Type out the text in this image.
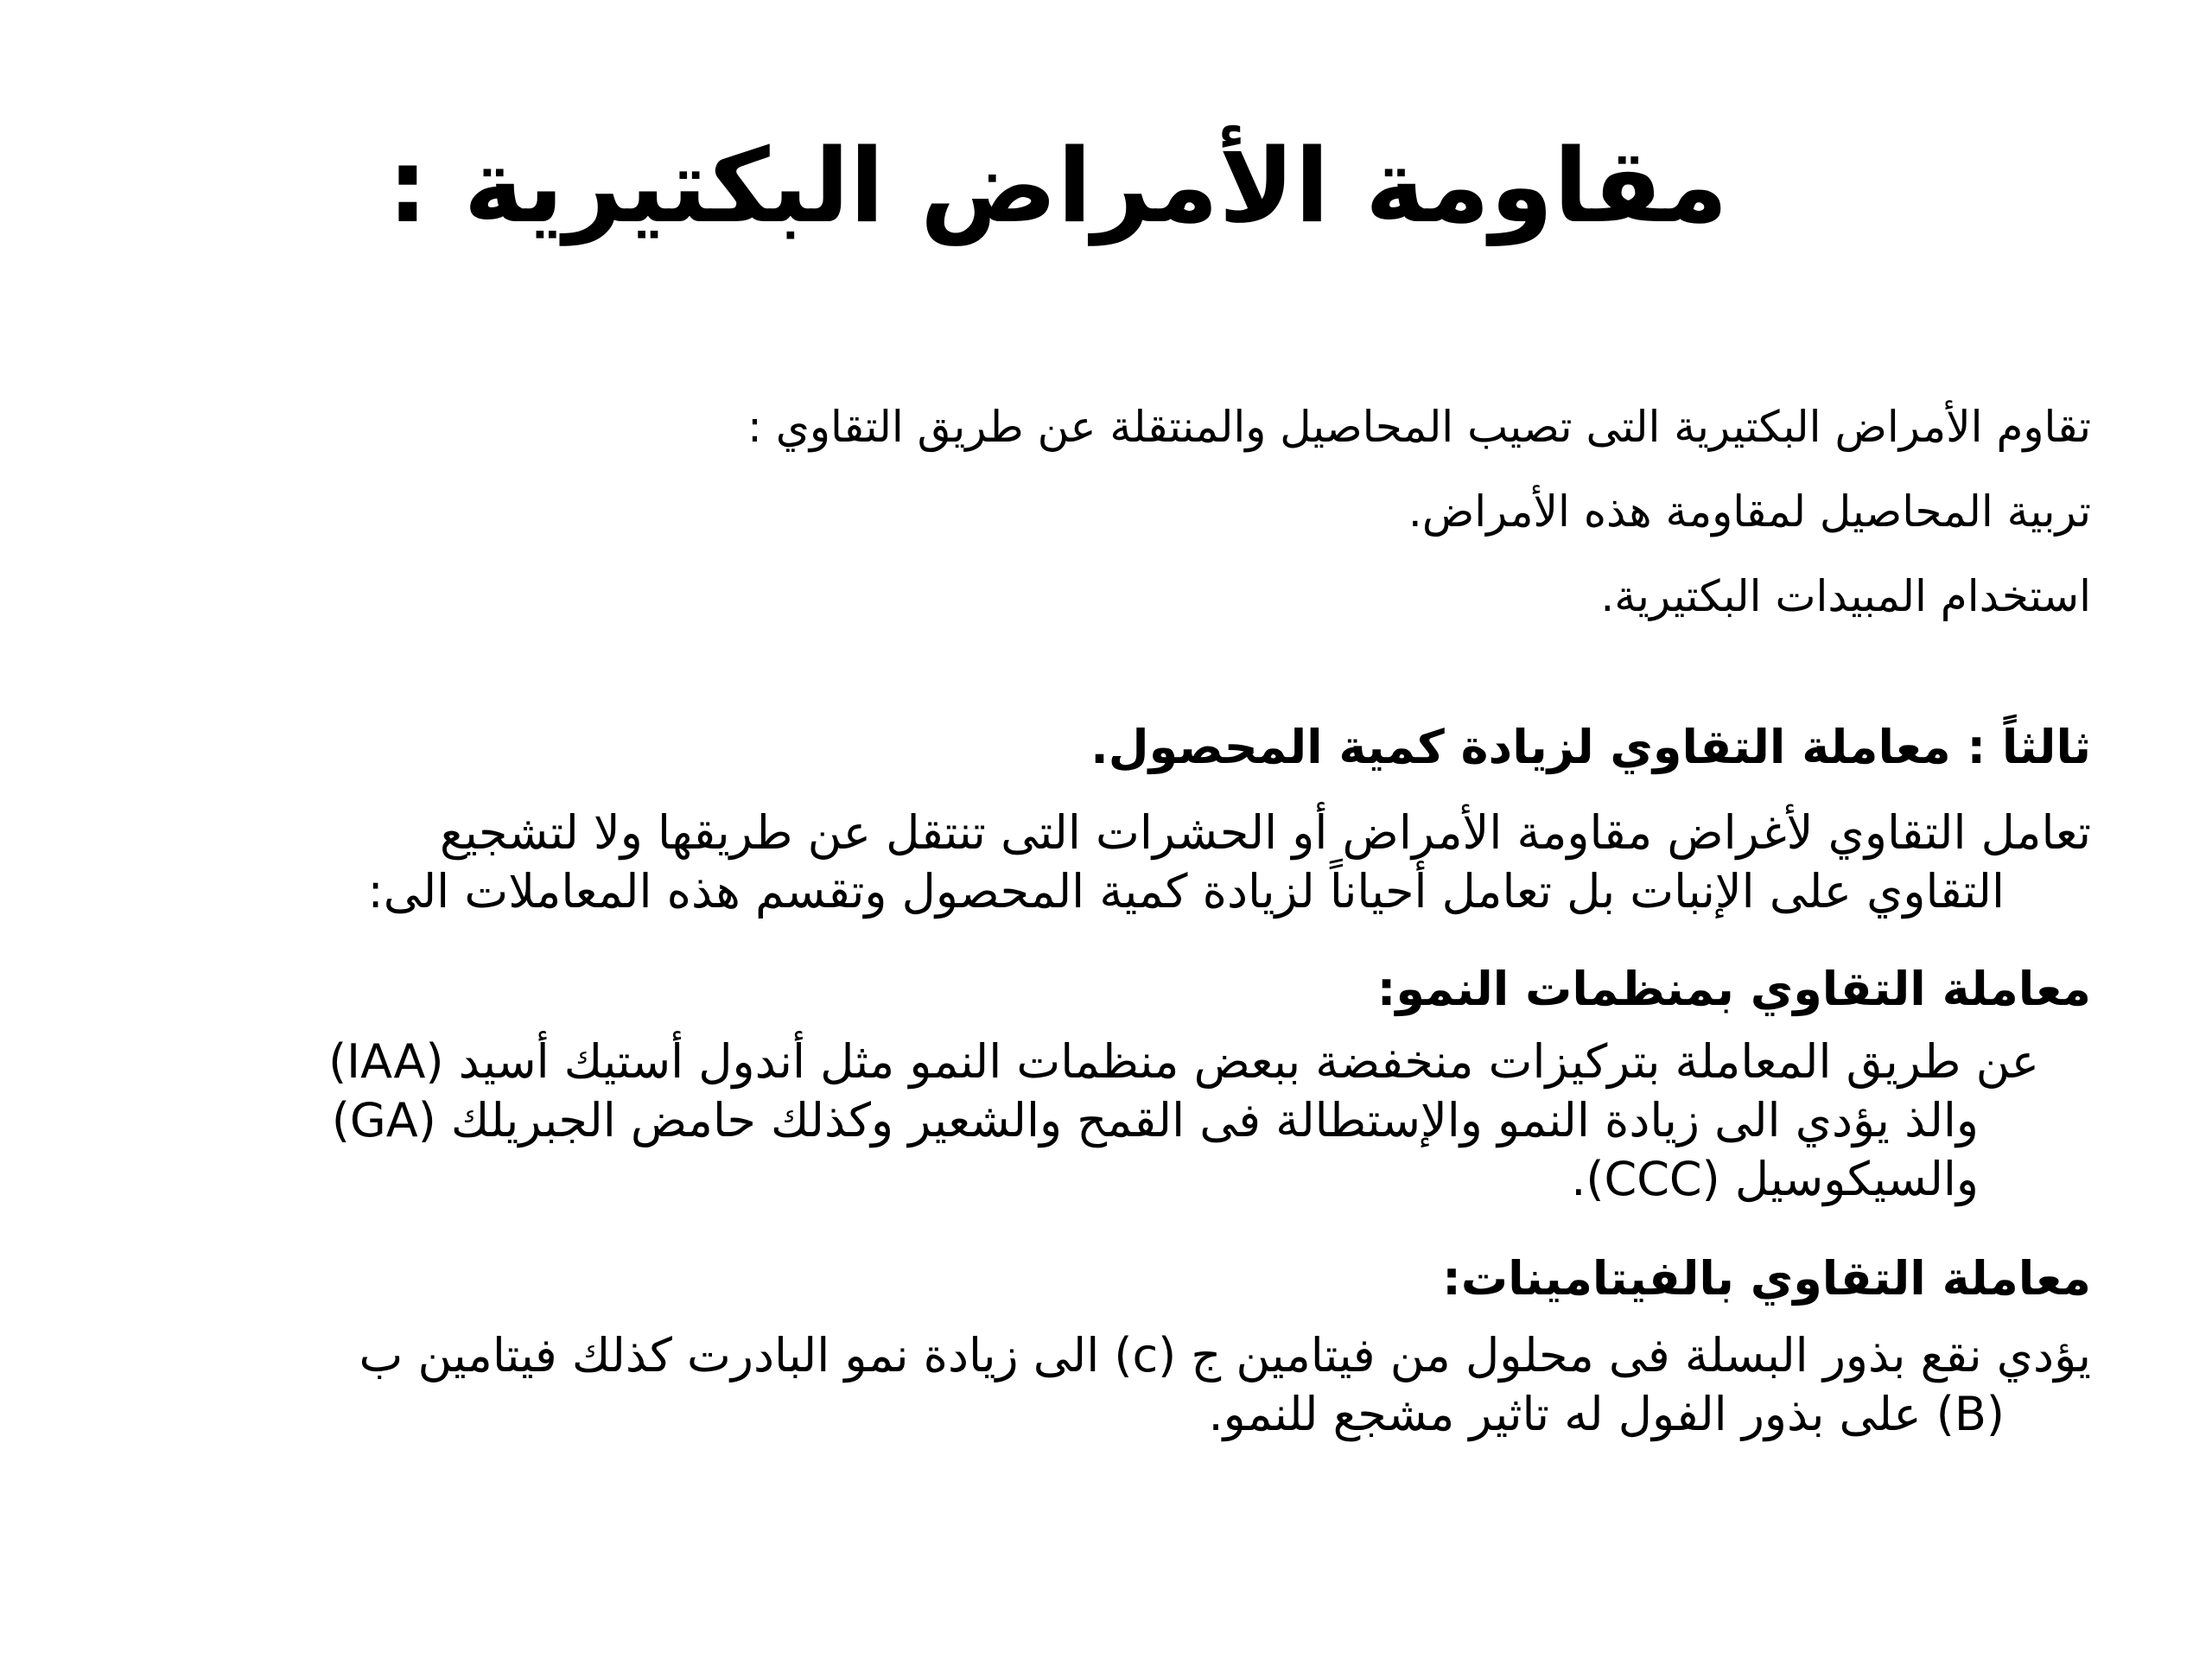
مقاومة الأمراض البكتيرية :

تقاوم الأمراض البكتيرية التى تصيب المحاصيل والمنتقلة عن طريق التقاوي :

تربية المحاصيل لمقاومة هذه الأمراض.

استخدام المبيدات البكتيرية.

ثالثاً : معاملة التقاوي لزيادة كمية المحصول.
تعامل التقاوي لأغراض مقاومة الأمراض أو الحشرات التى تنتقل عن طريقها ولا لتشجيع
التقاوي على الإنبات بل تعامل أحياناً لزيادة كمية المحصول وتقسم هذه المعاملات الى:
معاملة التقاوي بمنظمات النمو:
عن طريق المعاملة بتركيزات منخفضة ببعض منظمات النمو مثل أندول أستيك أسيد (IAA)
والذ يؤدي الى زيادة النمو والإستطالة فى القمح والشعير وكذلك حامض الجبريلك (GA)
والسيكوسيل (CCC).
معاملة التقاوي بالفيتامينات:
يؤدي نقع بذور البسلة فى محلول من فيتامين ج (c) الى زيادة نمو البادرت كذلك فيتامين ب
(B) على بذور الفول له تاثير مشجع للنمو.
